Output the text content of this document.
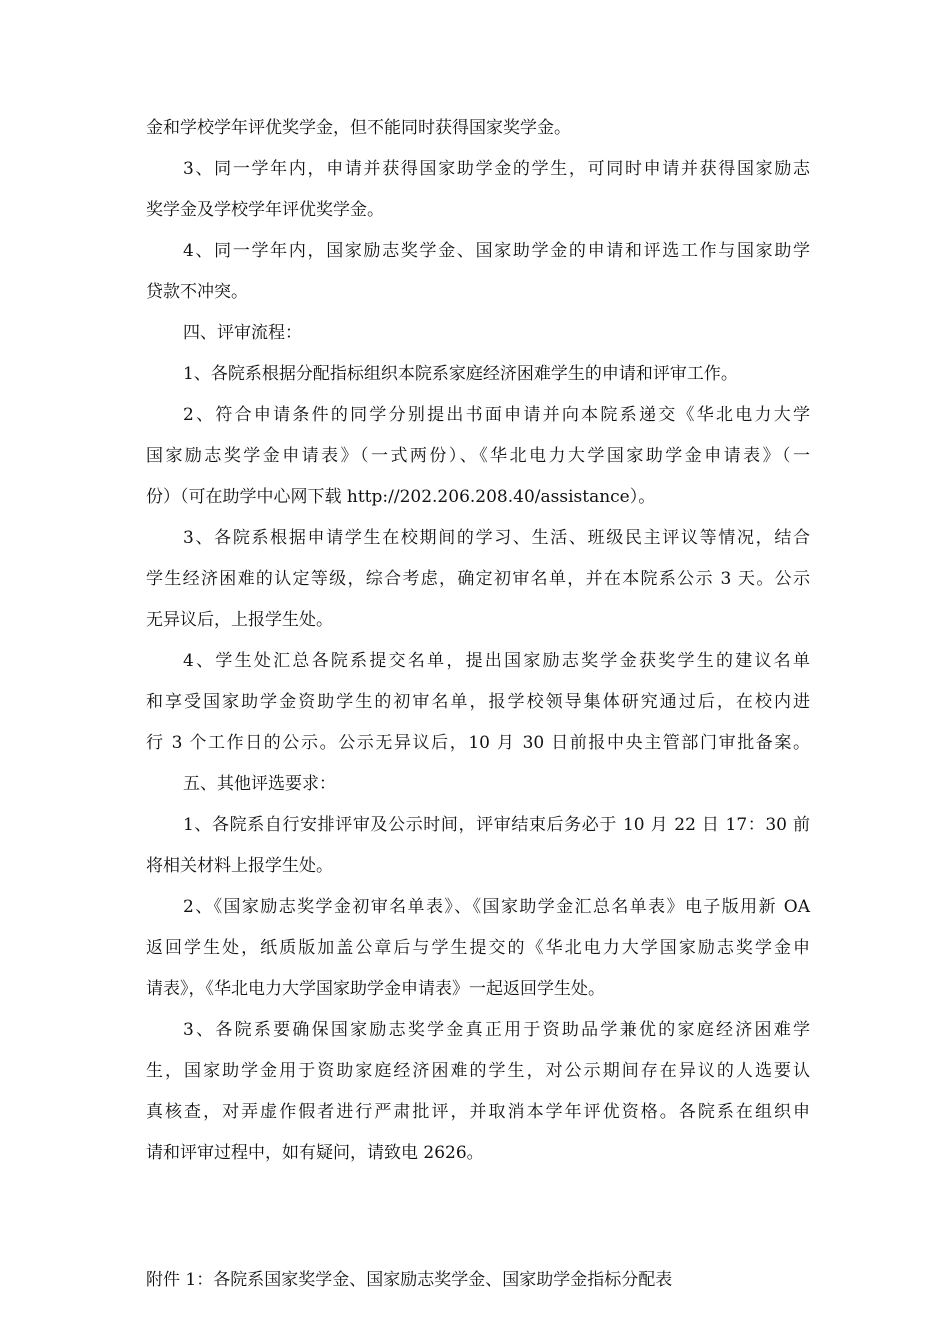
金和学校学年评优奖学金，但不能同时获得国家奖学金。
3、同一学年内，申请并获得国家助学金的学生，可同时申请并获得国家励志
奖学金及学校学年评优奖学金。
4、同一学年内，国家励志奖学金、国家助学金的申请和评选工作与国家助学
贷款不冲突。
四、评审流程：
1、各院系根据分配指标组织本院系家庭经济困难学生的申请和评审工作。
2、符合申请条件的同学分别提出书面申请并向本院系递交《华北电力大学
国家励志奖学金申请表》（一式两份）、《华北电力大学国家助学金申请表》（一
份）（可在助学中心网下载 http://202.206.208.40/assistance）。
3、各院系根据申请学生在校期间的学习、生活、班级民主评议等情况，结合
学生经济困难的认定等级，综合考虑，确定初审名单，并在本院系公示 3 天。公示
无异议后，上报学生处。
4、学生处汇总各院系提交名单，提出国家励志奖学金获奖学生的建议名单
和享受国家助学金资助学生的初审名单，报学校领导集体研究通过后，在校内进
行 3 个工作日的公示。公示无异议后，10 月 30 日前报中央主管部门审批备案。
五、其他评选要求：
1、各院系自行安排评审及公示时间，评审结束后务必于 10 月 22 日 17：30 前
将相关材料上报学生处。
2、《国家励志奖学金初审名单表》、《国家助学金汇总名单表》电子版用新 OA
返回学生处，纸质版加盖公章后与学生提交的《华北电力大学国家励志奖学金申
请表》，《华北电力大学国家助学金申请表》一起返回学生处。
3、各院系要确保国家励志奖学金真正用于资助品学兼优的家庭经济困难学
生，国家助学金用于资助家庭经济困难的学生，对公示期间存在异议的人选要认
真核查，对弄虚作假者进行严肃批评，并取消本学年评优资格。各院系在组织申
请和评审过程中，如有疑问，请致电 2626。
附件 1：各院系国家奖学金、国家励志奖学金、国家助学金指标分配表
